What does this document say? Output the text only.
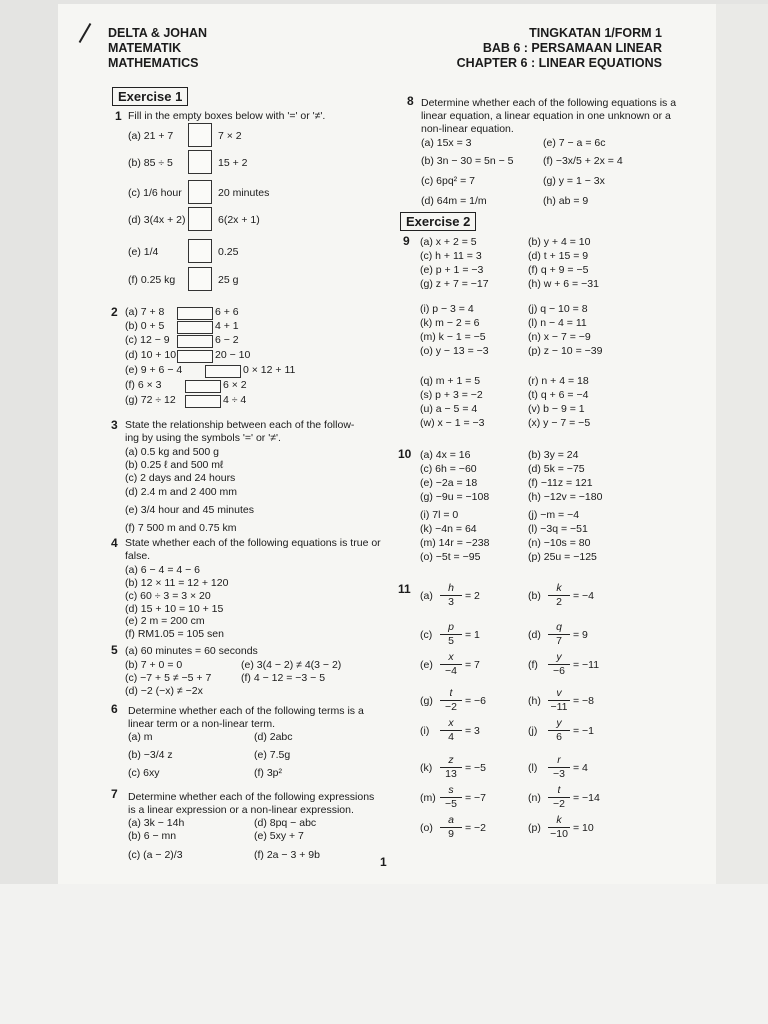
DELTA & JOHAN
MATEMATIK
MATHEMATICS
TINGKATAN 1/FORM 1
BAB 6 : PERSAMAAN LINEAR
CHAPTER 6 : LINEAR EQUATIONS
Exercise 1
Exercise 2
1 Fill in the empty boxes below with '=' or '≠'.
(a) 21 + 7	7 × 2
(b) 85 ÷ 5	15 + 2
(c) 1/6 hour	20 minutes
(d) 3(4x + 2)	6(2x + 1)
(e) 1/4	0.25
(f) 0.25 kg	25 g
2 (a) 7 + 8	6 + 6
(b) 0 + 5	4 + 1
(c) 12 − 9	6 − 2
(d) 10 + 10	20 − 10
(e) 9 + 6 − 4	0 × 12 + 11
(f) 6 × 3	6 × 2
(g) 72 ÷ 12	4 ÷ 4
3 State the relationship between each of the follow-
ing by using the symbols '=' or '≠'.
(a) 0.5 kg and 500 g
(b) 0.25 ℓ and 500 mℓ
(c) 2 days and 24 hours
(d) 2.4 m and 2 400 mm
(e) 3/4 hour and 45 minutes
(f) 7 500 m and 0.75 km
4 State whether each of the following equations is true or
false.
(a) 6 − 4 = 4 − 6
(b) 12 × 11 = 12 + 120
(c) 60 ÷ 3 = 3 × 20
(d) 15 + 10 = 10 + 15
(e) 2 m = 200 cm
(f) RM1.05 = 105 sen
5 (a) 60 minutes = 60 seconds
(b) 7 + 0 = 0	(e) 3(4 − 2) ≠ 4(3 − 2)
(c) −7 + 5 ≠ −5 + 7	(f) 4 − 12 = −3 − 5
(d) −2 (−x) ≠ −2x
6 Determine whether each of the following terms is a
linear term or a non-linear term.
(a) m	(d) 2abc
(b) −3/4 z	(e) 7.5g
(c) 6xy	(f) 3p²
7 Determine whether each of the following expressions
is a linear expression or a non-linear expression.
(a) 3k − 14h	(d) 8pq − abc
(b) 6 − mn	(e) 5xy + 7
(c) (a − 2)/3	(f) 2a − 3 + 9b
8 Determine whether each of the following equations is a
linear equation, a linear equation in one unknown or a
non-linear equation.
(a) 15x = 3	(e) 7 − a = 6c
(b) 3n − 30 = 5n − 5	(f) −3x/5 + 2x = 4
(c) 6pq² = 7	(g) y = 1 − 3x
(d) 64m = 1/m	(h) ab = 9
9 (a) x + 2 = 5	(b) y + 4 = 10
(c) h + 11 = 3	(d) t + 15 = 9
(e) p + 1 = −3	(f) q + 9 = −5
(g) z + 7 = −17	(h) w + 6 = −31
(i) p − 3 = 4	(j) q − 10 = 8
(k) m − 2 = 6	(l) n − 4 = 11
(m) k − 1 = −5	(n) x − 7 = −9
(o) y − 13 = −3	(p) z − 10 = −39
(q) m + 1 = 5	(r) n + 4 = 18
(s) p + 3 = −2	(t) q + 6 = −4
(u) a − 5 = 4	(v) b − 9 = 1
(w) x − 1 = −3	(x) y − 7 = −5
10 (a) 4x = 16	(b) 3y = 24
(c) 6h = −60	(d) 5k = −75
(e) −2a = 18	(f) −11z = 121
(g) −9u = −108	(h) −12v = −180
(i) 7l = 0	(j) −m = −4
(k) −4n = 64	(l) −3q = −51
(m) 14r = −238	(n) −10s = 80
(o) −5t = −95	(p) 25u = −125
11 $(a) \frac{h}{3} = 2$	$(b) \frac{k}{2} = -4$
$(c) \frac{p}{5} = 1$	$(d) \frac{q}{7} = 9$
$(e) \frac{x}{-4} = 7$	$(f) \frac{y}{-6} = -11$
$(g) \frac{t}{-2} = -6$	$(h) \frac{v}{-11} = -8$
$(i) \frac{x}{4} = 3$	$(j) \frac{y}{6} = -1$
$(k) \frac{z}{13} = -5$	$(l) \frac{r}{-3} = 4$
$(m) \frac{s}{-5} = -7$	$(n) \frac{t}{-2} = -14$
$(o) \frac{a}{9} = -2$	$(p) \frac{k}{-10} = 10$
1
